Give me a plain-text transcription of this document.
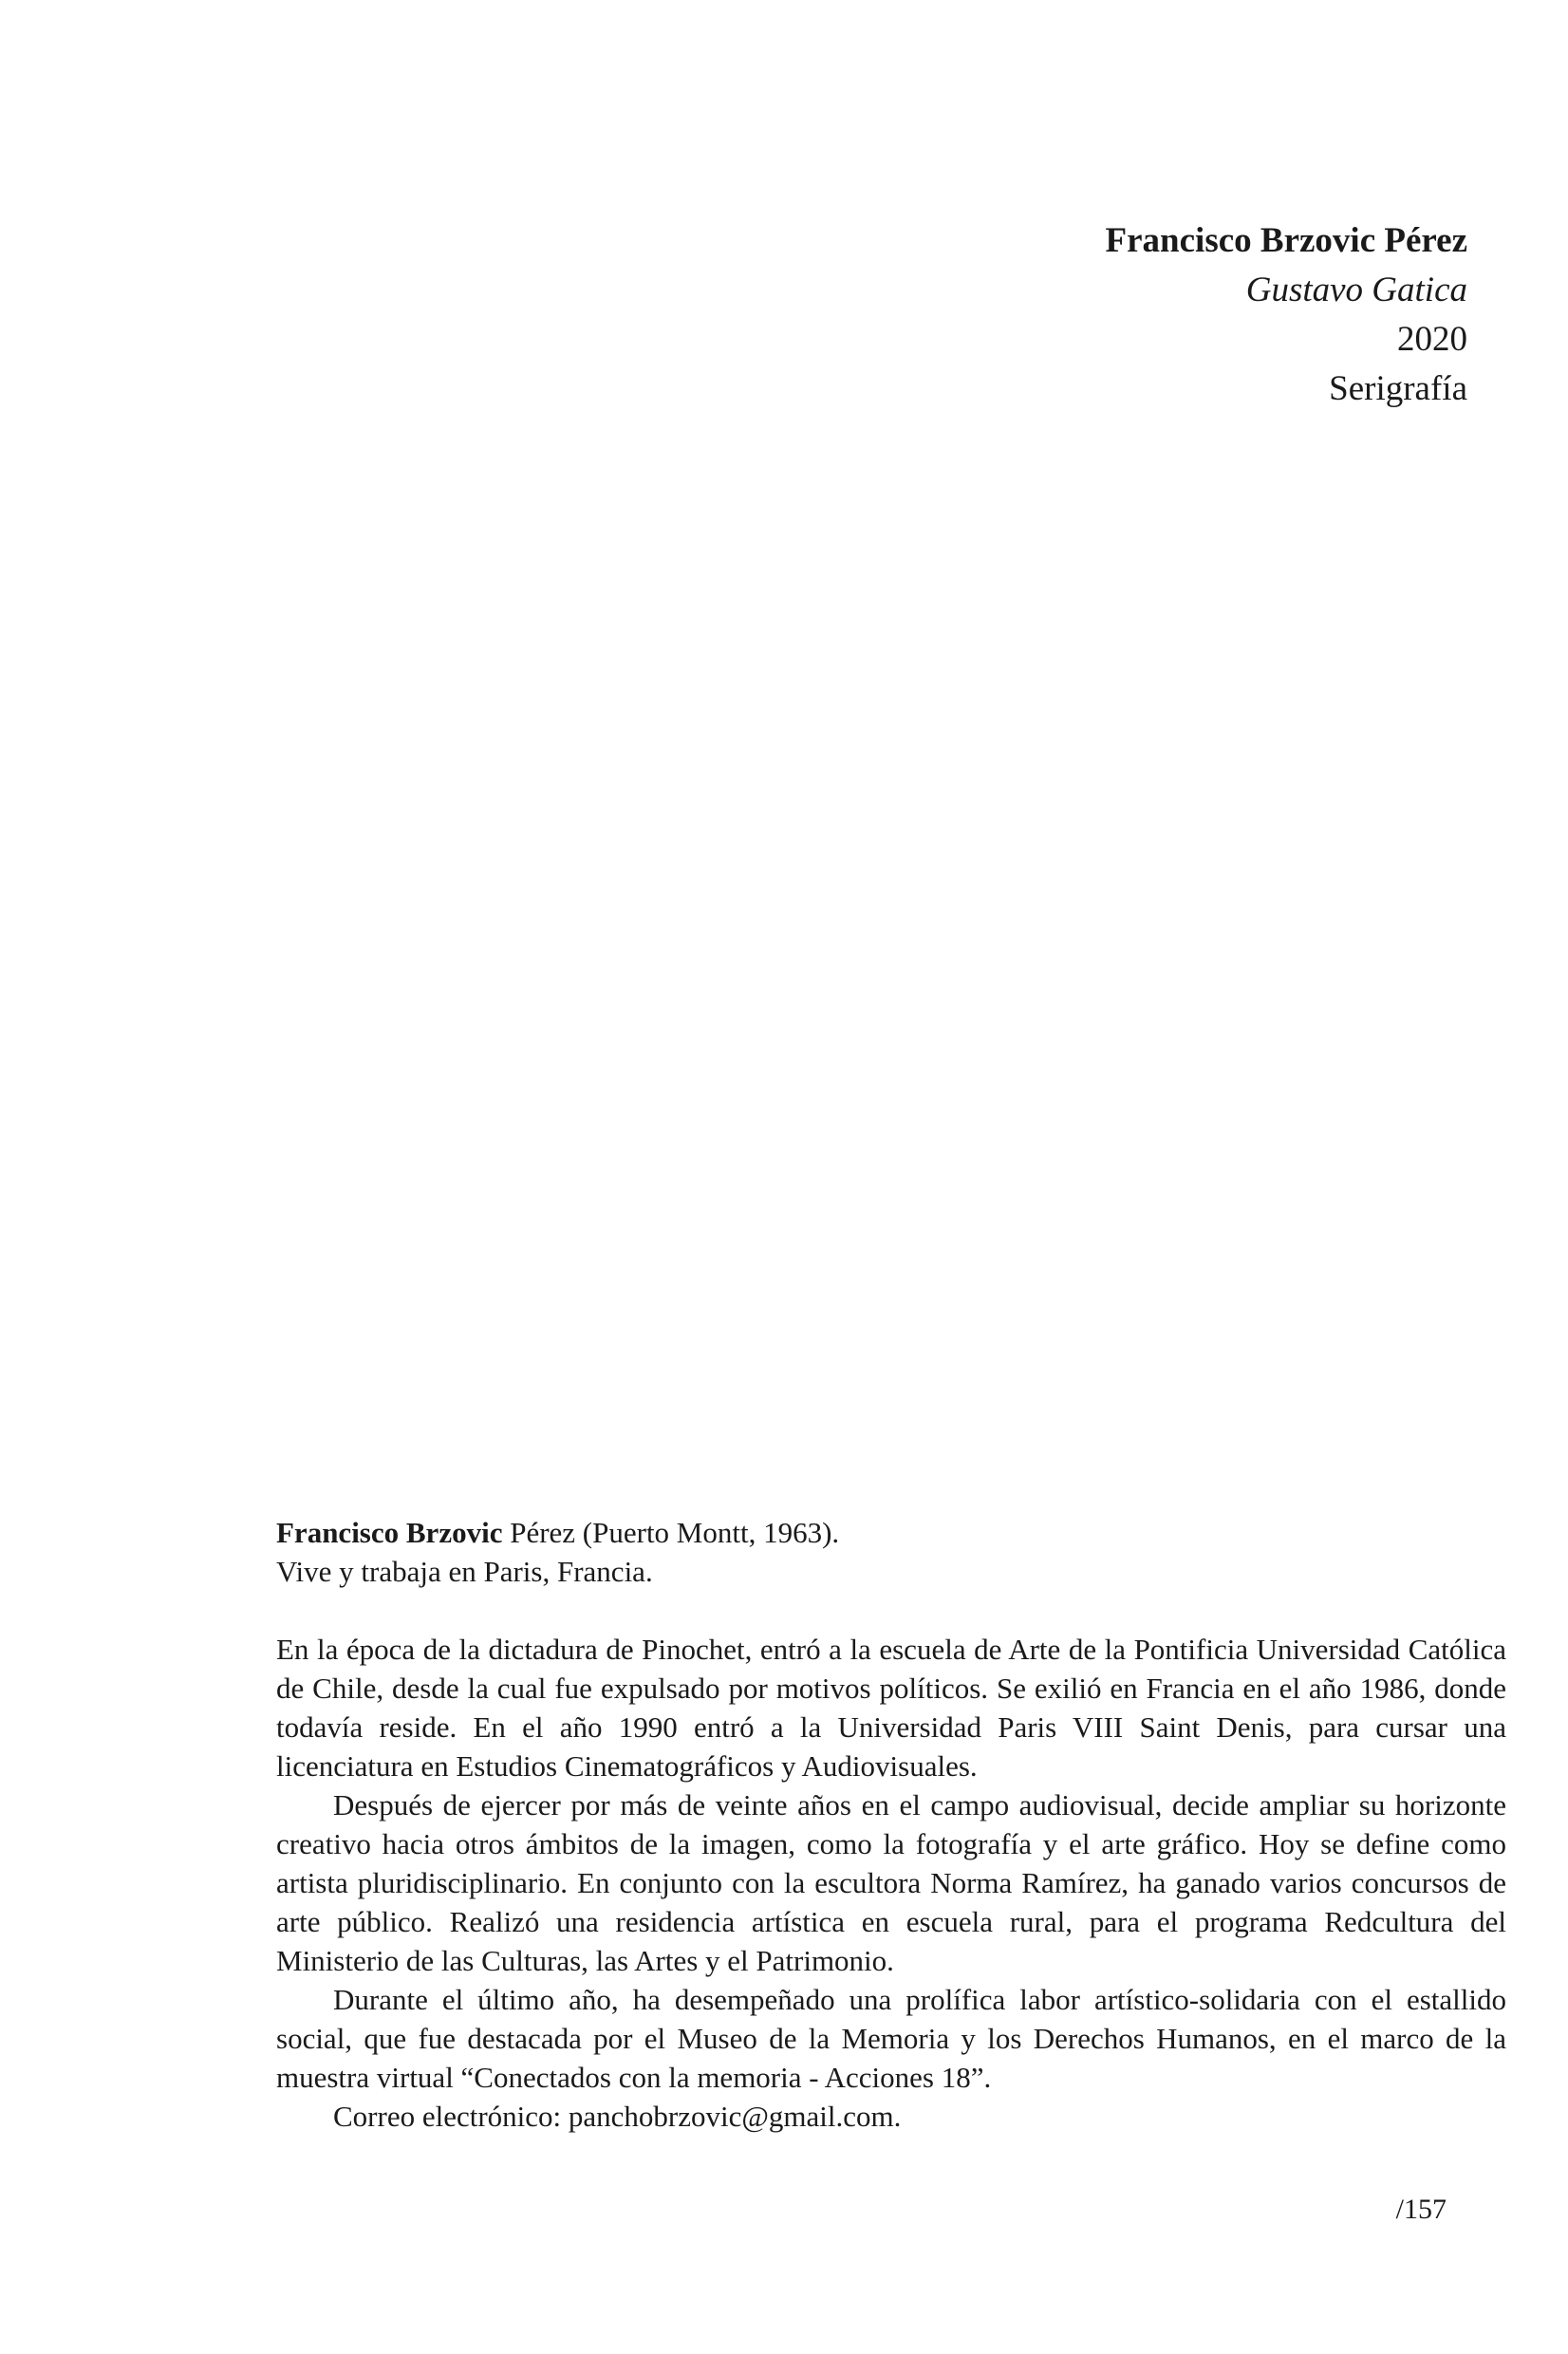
Francisco Brzovic Pérez
Gustavo Gatica
2020
Serigrafía
Francisco Brzovic Pérez (Puerto Montt, 1963).
Vive y trabaja en Paris, Francia.

En la época de la dictadura de Pinochet, entró a la escuela de Arte de la Pontificia Universidad Católica de Chile, desde la cual fue expulsado por motivos políticos. Se exilió en Francia en el año 1986, donde todavía reside. En el año 1990 entró a la Universidad Paris VIII Saint Denis, para cursar una licenciatura en Estudios Cinematográficos y Audiovisuales.

Después de ejercer por más de veinte años en el campo audiovisual, decide ampliar su horizonte creativo hacia otros ámbitos de la imagen, como la fotografía y el arte gráfico. Hoy se define como artista pluridisciplinario. En conjunto con la escultora Norma Ramírez, ha ganado varios concursos de arte público. Realizó una residencia artística en escuela rural, para el programa Redcultura del Ministerio de las Culturas, las Artes y el Patrimonio.

Durante el último año, ha desempeñado una prolífica labor artístico-solidaria con el estallido social, que fue destacada por el Museo de la Memoria y los Derechos Humanos, en el marco de la muestra virtual “Conectados con la memoria - Acciones 18”.

Correo electrónico: panchobrzovic@gmail.com.

/157
